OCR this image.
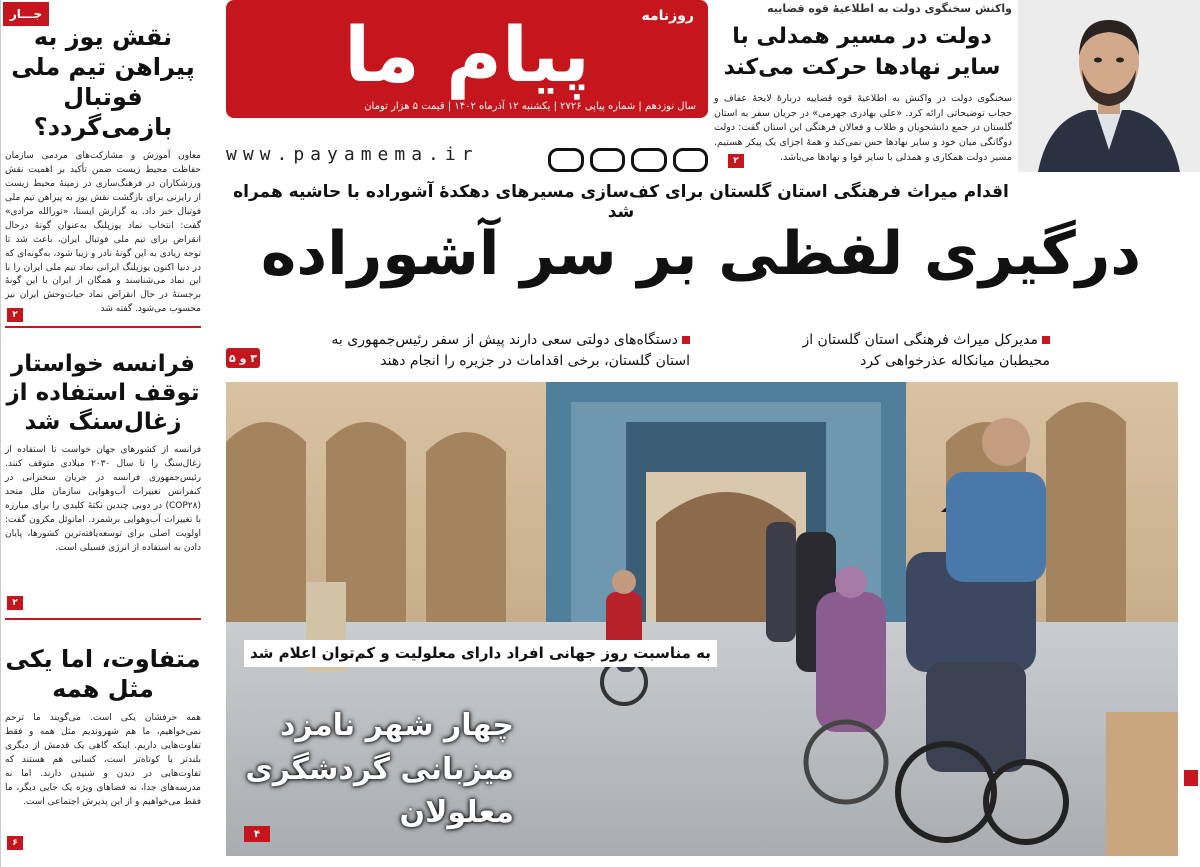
جـــار
نقش یوز به پیراهن تیم ملی فوتبال بازمی‌گردد؟
معاون آموزش و مشارکت‌های مردمی سازمان حفاظت محیط زیست ضمن تأکید بر اهمیت نقش ورزشکاران در فرهنگ‌سازی در زمینهٔ محیط زیست از رایزنی برای بازگشت نقش یوز به پیراهن تیم ملی فوتبال خبر داد. به گزارش ایسنا، «نورالله مرادی» گفت: انتخاب نماد یوزپلنگ به‌عنوان گونهٔ درحال انقراض برای تیم ملی فوتبال ایران، باعث شد تا توجه زیادی به این گونهٔ نادر و زیبا شود، به‌گونه‌ای که در دنیا اکنون یوزپلنگ ایرانی نماد تیم ملی ایران را با این نماد می‌شناسند و همگان از ایران با این گونهٔ برجستهٔ در حال انقراض نماد حیات‌وحش ایران نیز محسوب می‌شود. گفته شد
۲
فرانسه خواستار توقف استفاده از زغال‌سنگ شد
فرانسه از کشورهای جهان خواست تا استفاده از زغال‌سنگ را تا سال ۲۰۳۰ میلادی متوقف کنند. رئیس‌جمهوری فرانسه در جریان سخنرانی در کنفرانس تغییرات آب‌وهوایی سازمان ملل متحد (COP۲۸) در دوبی چندین نکتهٔ کلیدی را برای مبارزه با تغییرات آب‌وهوایی برشمرد. امانوئل مکرون گفت: اولویت اصلی برای توسعه‌یافته‌ترین کشورها، پایان دادن به استفاده از انرژی فسیلی است.
۲
متفاوت، اما یکی مثل همه
همه حرفشان یکی است. می‌گویند ما ترحم نمی‌خواهیم، ما هم شهروندیم مثل همه و فقط تفاوت‌هایی داریم. اینکه گاهی یک قدمش از دیگری بلندتر یا کوتاه‌تر است، کسانی هم هستند که تفاوت‌هایی در دیدن و شنیدن دارند. اما نه مدرسه‌های جدا، نه فضاهای ویژه یک جایی دیگر، ما فقط می‌خواهیم و از این پذیرش اجتماعی است.
۶
روزنامه
پیام ما
سال نوزدهم | شماره پیاپی ۲۷۲۶ | یکشنبه ۱۲ آذرماه ۱۴۰۲ | قیمت ۵ هزار تومان
www.payamema.ir
واکنش سخنگوی دولت به اطلاعیهٔ قوه قضاییه
دولت در مسیر همدلی با سایر نهادها حرکت می‌کند
سخنگوی دولت در واکنش به اطلاعیهٔ قوه قضاییه دربارهٔ لایحهٔ عفاف و حجاب توضیحاتی ارائه کرد. «علی بهادری جهرمی» در جریان سفر به استان گلستان در جمع دانشجویان و طلاب و فعالان فرهنگی این استان گفت: دولت دوگانگی میان خود و سایر نهادها حس نمی‌کند و همهٔ اجزای یک پیکر هستیم. مسیر دولت همکاری و همدلی با سایر قوا و نهادها می‌باشد.
۲
اقدام میراث فرهنگی استان گلستان برای کف‌سازی مسیرهای دهکدهٔ آشوراده با حاشیه همراه شد
درگیری لفظی بر سر آشوراده
مدیرکل میراث فرهنگی استان گلستان از محیطبان میانکاله عذرخواهی کرد
دستگاه‌های دولتی سعی دارند پیش از سفر رئیس‌جمهوری به استان گلستان، برخی اقدامات در جزیره را انجام دهند
۳ و ۵
به مناسبت روز جهانی افراد دارای معلولیت و کم‌توان اعلام شد
چهار شهر نامزد میزبانی گردشگری معلولان
۴
